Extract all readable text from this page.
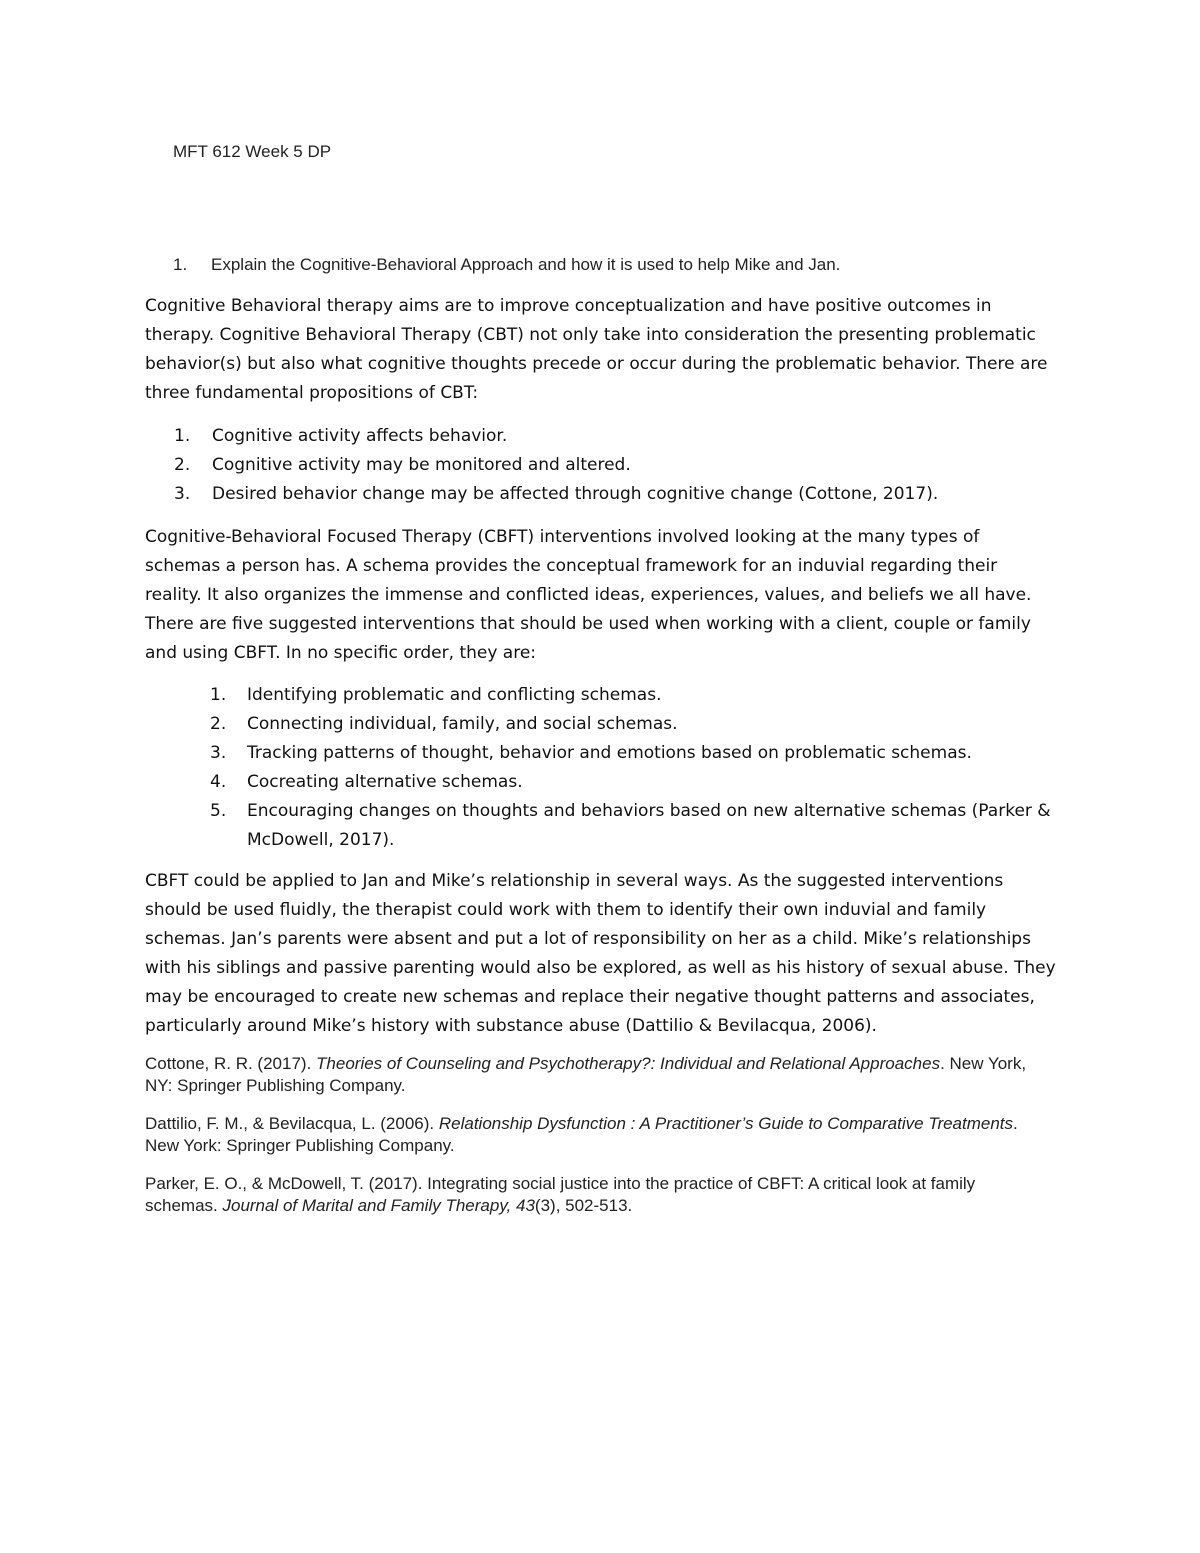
MFT 612 Week 5 DP
1. Explain the Cognitive-Behavioral Approach and how it is used to help Mike and Jan.

Cognitive Behavioral therapy aims are to improve conceptualization and have positive outcomes in therapy. Cognitive Behavioral Therapy (CBT) not only take into consideration the presenting problematic behavior(s) but also what cognitive thoughts precede or occur during the problematic behavior. There are three fundamental propositions of CBT:

1.	Cognitive activity affects behavior.
2.	Cognitive activity may be monitored and altered.
3.	Desired behavior change may be affected through cognitive change (Cottone, 2017).

Cognitive-Behavioral Focused Therapy (CBFT) interventions involved looking at the many types of schemas a person has. A schema provides the conceptual framework for an induvial regarding their reality. It also organizes the immense and conflicted ideas, experiences, values, and beliefs we all have. There are five suggested interventions that should be used when working with a client, couple or family and using CBFT. In no specific order, they are:

1.	Identifying problematic and conflicting schemas.
2.	Connecting individual, family, and social schemas.
3.	Tracking patterns of thought, behavior and emotions based on problematic schemas.
4.	Cocreating alternative schemas.
5.	Encouraging changes on thoughts and behaviors based on new alternative schemas (Parker & McDowell, 2017).

CBFT could be applied to Jan and Mike’s relationship in several ways. As the suggested interventions should be used fluidly, the therapist could work with them to identify their own induvial and family schemas. Jan’s parents were absent and put a lot of responsibility on her as a child. Mike’s relationships with his siblings and passive parenting would also be explored, as well as his history of sexual abuse. They may be encouraged to create new schemas and replace their negative thought patterns and associates, particularly around Mike’s history with substance abuse (Dattilio & Bevilacqua, 2006).

Cottone, R. R. (2017). Theories of Counseling and Psychotherapy?: Individual and Relational Approaches. New York, NY: Springer Publishing Company.

Dattilio, F. M., & Bevilacqua, L. (2006). Relationship Dysfunction : A Practitioner’s Guide to Comparative Treatments. New York: Springer Publishing Company.

Parker, E. O., & McDowell, T. (2017). Integrating social justice into the practice of CBFT: A critical look at family schemas. Journal of Marital and Family Therapy, 43(3), 502-513.
